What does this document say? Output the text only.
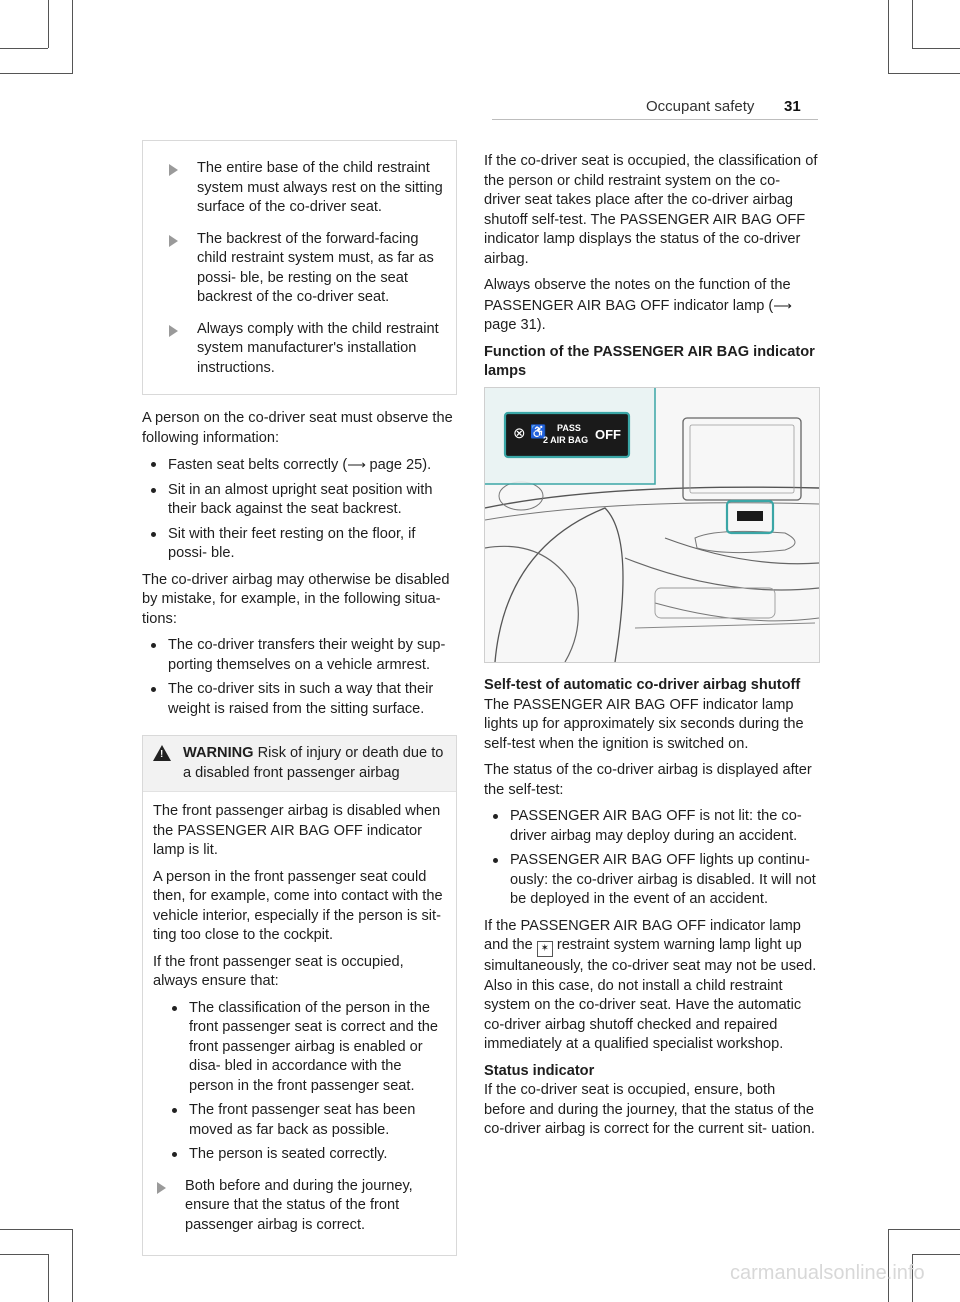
Occupant safety 31
The entire base of the child restraint system must always rest on the sitting surface of the co-driver seat.
The backrest of the forward-facing child restraint system must, as far as possi- ble, be resting on the seat backrest of the co-driver seat.
Always comply with the child restraint system manufacturer's installation instructions.

A person on the co-driver seat must observe the following information:

Fasten seat belts correctly (⟶ page 25).
Sit in an almost upright seat position with their back against the seat backrest.
Sit with their feet resting on the floor, if possi- ble.

The co-driver airbag may otherwise be disabled by mistake, for example, in the following situa- tions:

The co-driver transfers their weight by sup- porting themselves on a vehicle armrest.
The co-driver sits in such a way that their weight is raised from the sitting surface.
! WARNING Risk of injury or death due to a disabled front passenger airbag

The front passenger airbag is disabled when the PASSENGER AIR BAG OFF indicator lamp is lit.

A person in the front passenger seat could then, for example, come into contact with the vehicle interior, especially if the person is sit- ting too close to the cockpit.

If the front passenger seat is occupied, always ensure that:

The classification of the person in the front passenger seat is correct and the front passenger airbag is enabled or disa- bled in accordance with the person in the front passenger seat.
The front passenger seat has been moved as far back as possible.
The person is seated correctly.
Both before and during the journey, ensure that the status of the front passenger airbag is correct.

If the co-driver seat is occupied, the classification of the person or child restraint system on the co- driver seat takes place after the co-driver airbag shutoff self-test. The PASSENGER AIR BAG OFF indicator lamp displays the status of the co-driver airbag.

Always observe the notes on the function of the PASSENGER AIR BAG OFF indicator lamp (⟶ page 31).

Function of the PASSENGER AIR BAG indicator lamps
⊗ ♿ PASS
2 AIR BAG OFF
Self-test of automatic co-driver airbag shutoff

The PASSENGER AIR BAG OFF indicator lamp lights up for approximately six seconds during the self-test when the ignition is switched on.

The status of the co-driver airbag is displayed after the self-test:

PASSENGER AIR BAG OFF is not lit: the co- driver airbag may deploy during an accident.
PASSENGER AIR BAG OFF lights up continu- ously: the co-driver airbag is disabled. It will not be deployed in the event of an accident.

If the PASSENGER AIR BAG OFF indicator lamp and the ✶ restraint system warning lamp light up simultaneously, the co-driver seat may not be used. Also in this case, do not install a child restraint system on the co-driver seat. Have the automatic co-driver airbag shutoff checked and repaired immediately at a qualified specialist workshop.

Status indicator

If the co-driver seat is occupied, ensure, both before and during the journey, that the status of the co-driver airbag is correct for the current sit- uation.

carmanualsonline.info
